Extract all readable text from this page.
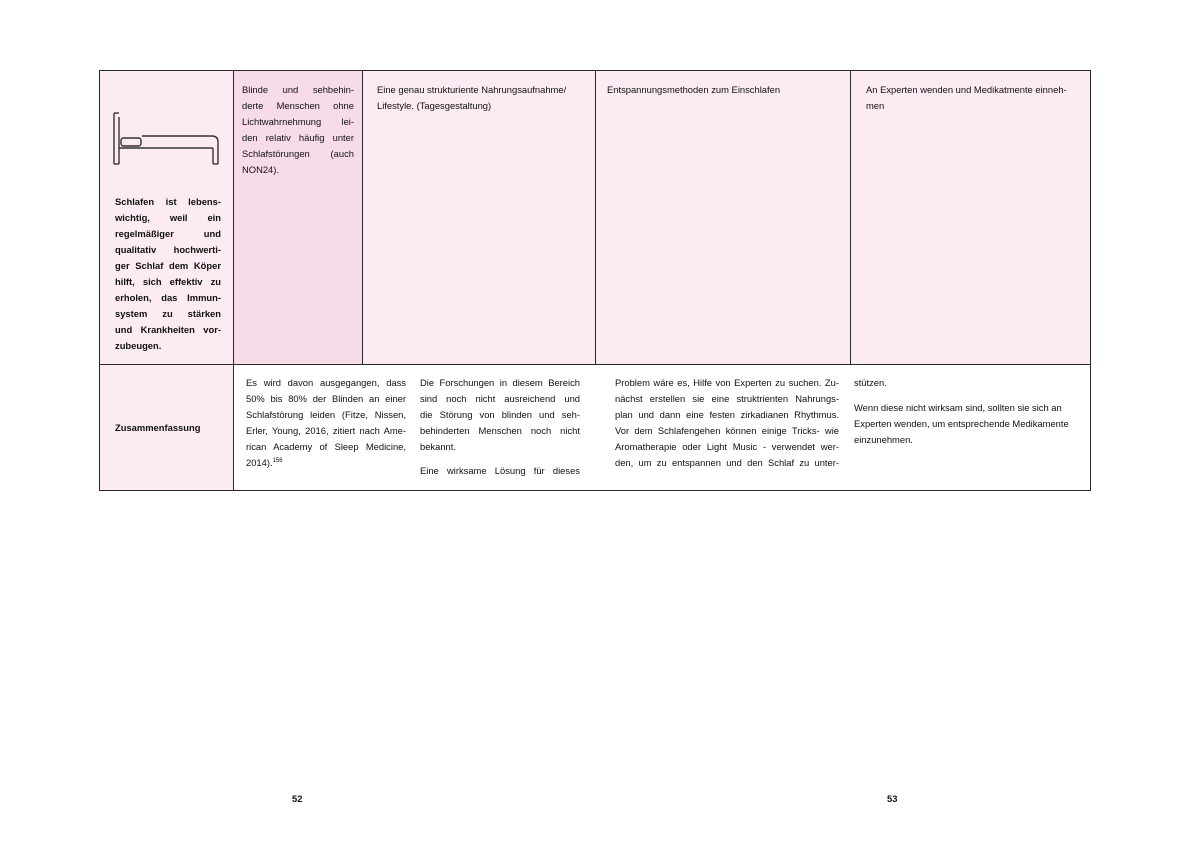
Schlafen ist lebens-
wichtig, weil ein
regelmäßiger und
qualitativ hochwerti-
ger Schlaf dem Köper
hilft, sich effektiv zu
erholen, das Immun-
system zu stärken
und Krankheiten vor-
zubeugen.
Blinde und sehbehin-
derte Menschen ohne
Lichtwahrnehmung lei-
den relativ häufig unter
Schlafstörungen (auch
NON24).
Eine genau strukturiente Nahrungsaufnahme/
Lifestyle. (Tagesgestaltung)
Entspannungsmethoden zum Einschlafen	An Experten wenden und Medikatmente einneh-
men
Zusammenfassung
Es wird davon ausgegangen, dass
50% bis 80% der Blinden an einer
Schlafstörung leiden (Fitze, Nissen,
Erler, Young, 2016, zitiert nach Ame-
rican Academy of Sleep Medicine,
2014).$^{156}$
Die Forschungen in diesem Bereich
sind noch nicht ausreichend und
die Störung von blinden und seh-
behinderten Menschen noch nicht
bekannt.
Eine wirksame Lösung für dieses
Problem wäre es, Hilfe von Experten zu suchen. Zu-
nächst erstellen sie eine struktrienten Nahrungs-
plan und dann eine festen zirkadianen Rhythmus.
Vor dem Schlafengehen können einige Tricks- wie
Aromatherapie oder Light Music - verwendet wer-
den, um zu entspannen und den Schlaf zu unter-
stützen.
Wenn diese nicht wirksam sind, sollten sie sich an
Experten wenden, um entsprechende Medikamente
einzunehmen.
52	53
